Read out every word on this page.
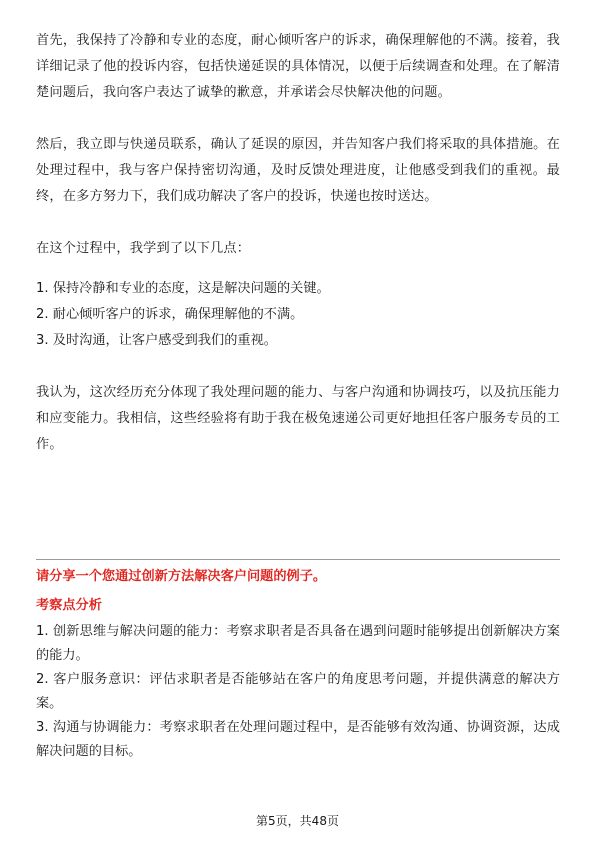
首先，我保持了冷静和专业的态度，耐心倾听客户的诉求，确保理解他的不满。接着，我详细记录了他的投诉内容，包括快递延误的具体情况，以便于后续调查和处理。在了解清楚问题后，我向客户表达了诚挚的歉意，并承诺会尽快解决他的问题。

然后，我立即与快递员联系，确认了延误的原因，并告知客户我们将采取的具体措施。在处理过程中，我与客户保持密切沟通，及时反馈处理进度，让他感受到我们的重视。最终，在多方努力下，我们成功解决了客户的投诉，快递也按时送达。

在这个过程中，我学到了以下几点：

1. 保持冷静和专业的态度，这是解决问题的关键。

2. 耐心倾听客户的诉求，确保理解他的不满。

3. 及时沟通，让客户感受到我们的重视。

我认为，这次经历充分体现了我处理问题的能力、与客户沟通和协调技巧，以及抗压能力和应变能力。我相信，这些经验将有助于我在极兔速递公司更好地担任客户服务专员的工作。

请分享一个您通过创新方法解决客户问题的例子。

考察点分析

1. 创新思维与解决问题的能力：考察求职者是否具备在遇到问题时能够提出创新解决方案的能力。

2. 客户服务意识：评估求职者是否能够站在客户的角度思考问题，并提供满意的解决方案。

3. 沟通与协调能力：考察求职者在处理问题过程中，是否能够有效沟通、协调资源，达成解决问题的目标。

第5页，共48页
